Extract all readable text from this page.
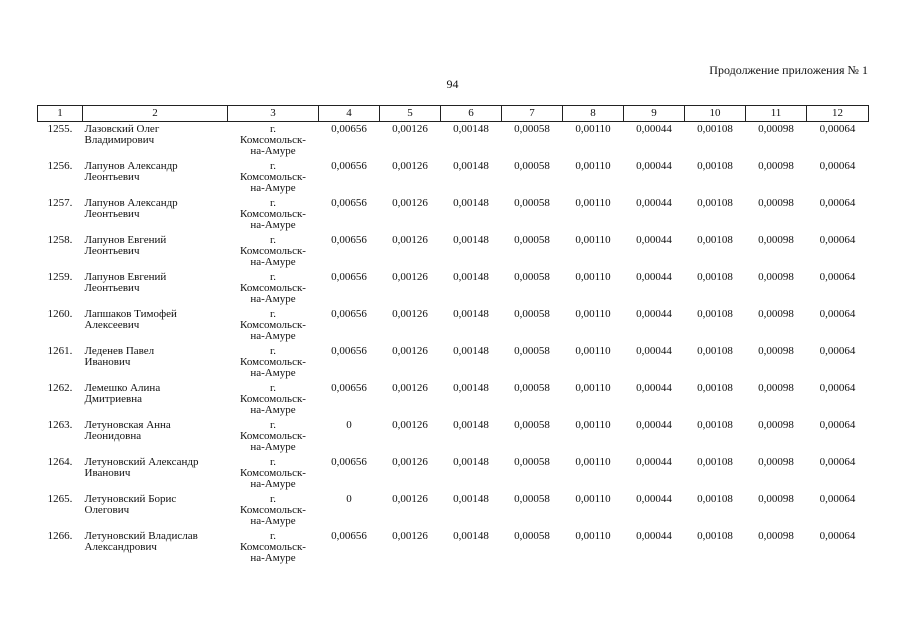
Продолжение приложения № 1
94
1	2	3	4	5	6	7	8	9	10	11	12
1255.	Лазовский Олег
Владимирович	г.
Комсомольск-
на-Амуре	0,00656	0,00126	0,00148	0,00058	0,00110	0,00044	0,00108	0,00098	0,00064
1256.	Лапунов Александр
Леонтьевич	г.
Комсомольск-
на-Амуре	0,00656	0,00126	0,00148	0,00058	0,00110	0,00044	0,00108	0,00098	0,00064
1257.	Лапунов Александр
Леонтьевич	г.
Комсомольск-
на-Амуре	0,00656	0,00126	0,00148	0,00058	0,00110	0,00044	0,00108	0,00098	0,00064
1258.	Лапунов Евгений
Леонтьевич	г.
Комсомольск-
на-Амуре	0,00656	0,00126	0,00148	0,00058	0,00110	0,00044	0,00108	0,00098	0,00064
1259.	Лапунов Евгений
Леонтьевич	г.
Комсомольск-
на-Амуре	0,00656	0,00126	0,00148	0,00058	0,00110	0,00044	0,00108	0,00098	0,00064
1260.	Лапшаков Тимофей
Алексеевич	г.
Комсомольск-
на-Амуре	0,00656	0,00126	0,00148	0,00058	0,00110	0,00044	0,00108	0,00098	0,00064
1261.	Леденев Павел
Иванович	г.
Комсомольск-
на-Амуре	0,00656	0,00126	0,00148	0,00058	0,00110	0,00044	0,00108	0,00098	0,00064
1262.	Лемешко Алина
Дмитриевна	г.
Комсомольск-
на-Амуре	0,00656	0,00126	0,00148	0,00058	0,00110	0,00044	0,00108	0,00098	0,00064
1263.	Летуновская Анна
Леонидовна	г.
Комсомольск-
на-Амуре	0	0,00126	0,00148	0,00058	0,00110	0,00044	0,00108	0,00098	0,00064
1264.	Летуновский Александр
Иванович	г.
Комсомольск-
на-Амуре	0,00656	0,00126	0,00148	0,00058	0,00110	0,00044	0,00108	0,00098	0,00064
1265.	Летуновский Борис
Олегович	г.
Комсомольск-
на-Амуре	0	0,00126	0,00148	0,00058	0,00110	0,00044	0,00108	0,00098	0,00064
1266.	Летуновский Владислав
Александрович	г.
Комсомольск-
на-Амуре	0,00656	0,00126	0,00148	0,00058	0,00110	0,00044	0,00108	0,00098	0,00064
